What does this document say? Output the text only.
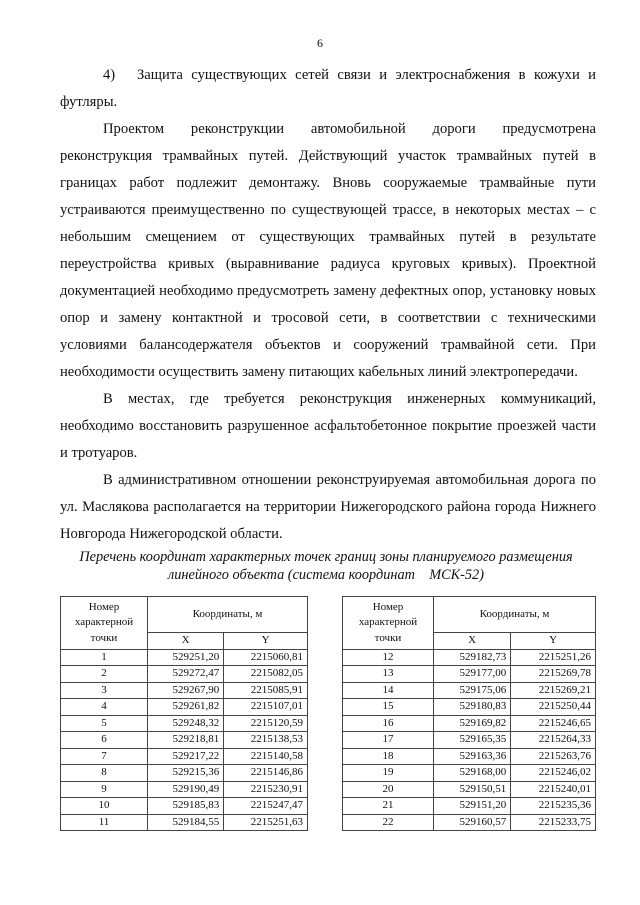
6

4) Защита существующих сетей связи и электроснабжения в кожухи и футляры.

Проектом реконструкции автомобильной дороги предусмотрена реконструкция трамвайных путей. Действующий участок трамвайных путей в границах работ подлежит демонтажу. Вновь сооружаемые трамвайные пути устраиваются преимущественно по существующей трассе, в некоторых местах – с небольшим смещением от существующих трамвайных путей в результате переустройства кривых (выравнивание радиуса круговых кривых). Проектной документацией необходимо предусмотреть замену дефектных опор, установку новых опор и замену контактной и тросовой сети, в соответствии с техническими условиями балансодержателя объектов и сооружений трамвайной сети. При необходимости осуществить замену питающих кабельных линий электропередачи.

В местах, где требуется реконструкция инженерных коммуникаций, необходимо восстановить разрушенное асфальтобетонное покрытие проезжей части и тротуаров.

В административном отношении реконструируемая автомобильная дорога по ул. Маслякова располагается на территории Нижегородского района города Нижнего Новгорода Нижегородской области.

Перечень координат характерных точек границ зоны планируемого размещения
линейного объекта (система координат    МСК-52)
Номер характерной точки	Координаты, м	
	X	Y
1	529251,20	2215060,81
2	529272,47	2215082,05
3	529267,90	2215085,91
4	529261,82	2215107,01
5	529248,32	2215120,59
6	529218,81	2215138,53
7	529217,22	2215140,58
8	529215,36	2215146,86
9	529190,49	2215230,91
10	529185,83	2215247,47
11	529184,55	2215251,63
Номер характерной точки	Координаты, м	
	X	Y
12	529182,73	2215251,26
13	529177,00	2215269,78
14	529175,06	2215269,21
15	529180,83	2215250,44
16	529169,82	2215246,65
17	529165,35	2215264,33
18	529163,36	2215263,76
19	529168,00	2215246,02
20	529150,51	2215240,01
21	529151,20	2215235,36
22	529160,57	2215233,75
